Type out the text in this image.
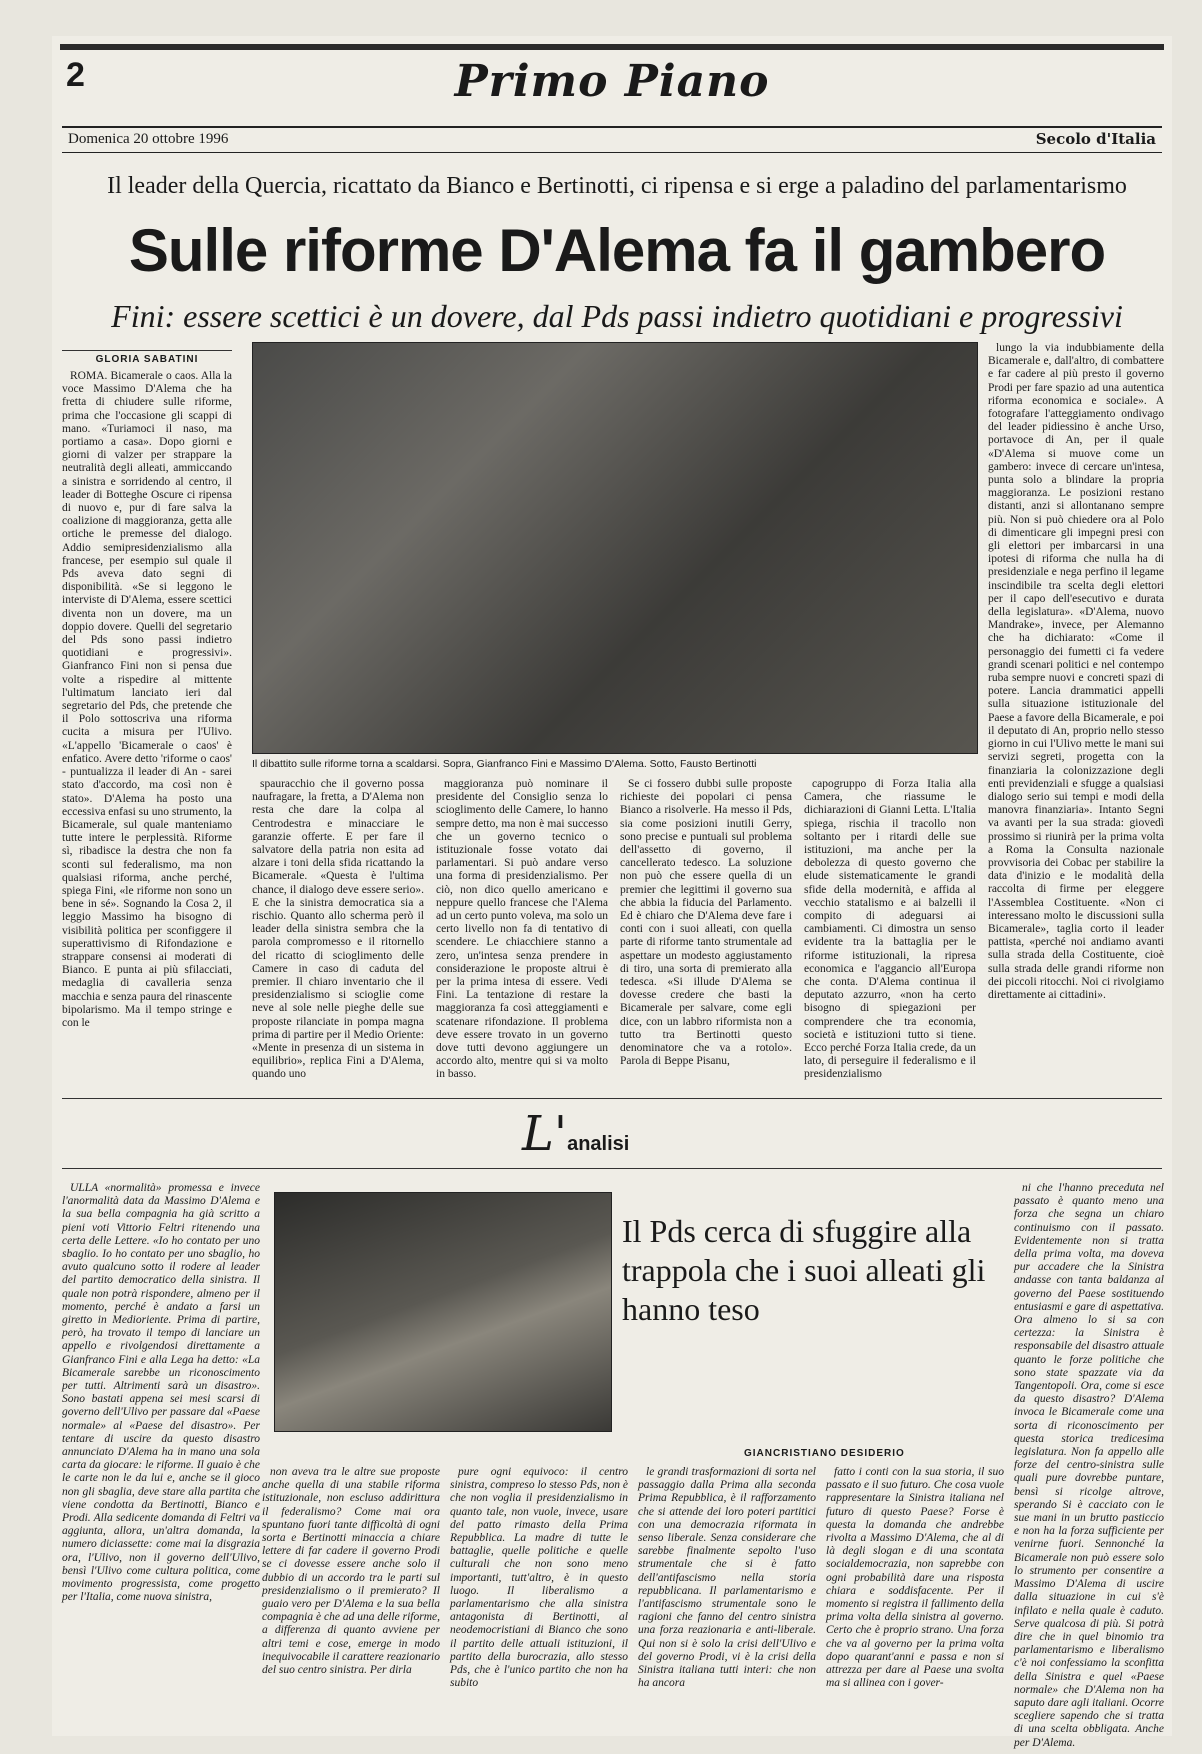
2	Primo Piano
Domenica 20 ottobre 1996	Secolo d'Italia
Il leader della Quercia, ricattato da Bianco e Bertinotti, ci ripensa e si erge a paladino del parlamentarismo
Sulle riforme D'Alema fa il gambero
Fini: essere scettici è un dovere, dal Pds passi indietro quotidiani e progressivi
GLORIA SABATINI

ROMA. Bicamerale o caos. Alla la voce Massimo D'Alema che ha fretta di chiudere sulle riforme, prima che l'occasione gli scappi di mano. «Turiamoci il naso, ma portiamo a casa». Dopo giorni e giorni di valzer per strappare la neutralità degli alleati, ammiccando a sinistra e sorridendo al centro, il leader di Botteghe Oscure ci ripensa di nuovo e, pur di fare salva la coalizione di maggioranza, getta alle ortiche le premesse del dialogo. Addio semipresidenzialismo alla francese, per esempio sul quale il Pds aveva dato segni di disponibilità. «Se si leggono le interviste di D'Alema, essere scettici diventa non un dovere, ma un doppio dovere. Quelli del segretario del Pds sono passi indietro quotidiani e progressivi». Gianfranco Fini non si pensa due volte a rispedire al mittente l'ultimatum lanciato ieri dal segretario del Pds, che pretende che il Polo sottoscriva una riforma cucita a misura per l'Ulivo. «L'appello 'Bicamerale o caos' è enfatico. Avere detto 'riforme o caos' - puntualizza il leader di An - sarei stato d'accordo, ma così non è stato». D'Alema ha posto una eccessiva enfasi su uno strumento, la Bicamerale, sul quale manteniamo tutte intere le perplessità. Riforme sì, ribadisce la destra che non fa sconti sul federalismo, ma non qualsiasi riforma, anche perché, spiega Fini, «le riforme non sono un bene in sé». Sognando la Cosa 2, il leggio Massimo ha bisogno di visibilità politica per sconfiggere il superattivismo di Rifondazione e strappare consensi ai moderati di Bianco. E punta ai più sfilacciati, medaglia di cavalleria senza macchia e senza paura del rinascente bipolarismo. Ma il tempo stringe e con le

Il dibattito sulle riforme torna a scaldarsi. Sopra, Gianfranco Fini e Massimo D'Alema. Sotto, Fausto Bertinotti

spauracchio che il governo possa naufragare, la fretta, a D'Alema non resta che dare la colpa al Centrodestra e minacciare le garanzie offerte. E per fare il salvatore della patria non esita ad alzare i toni della sfida ricattando la Bicamerale. «Questa è l'ultima chance, il dialogo deve essere serio». E che la sinistra democratica sia a rischio. Quanto allo scherma però il leader della sinistra sembra che la parola compromesso e il ritornello del ricatto di scioglimento delle Camere in caso di caduta del premier. Il chiaro inventario che il presidenzialismo si scioglie come neve al sole nelle pieghe delle sue proposte rilanciate in pompa magna prima di partire per il Medio Oriente: «Mente in presenza di un sistema in equilibrio», replica Fini a D'Alema, quando uno

maggioranza può nominare il presidente del Consiglio senza lo scioglimento delle Camere, lo hanno sempre detto, ma non è mai successo che un governo tecnico o istituzionale fosse votato dai parlamentari. Si può andare verso una forma di presidenzialismo. Per ciò, non dico quello americano e neppure quello francese che l'Alema ad un certo punto voleva, ma solo un certo livello non fa di tentativo di scendere. Le chiacchiere stanno a zero, un'intesa senza prendere in considerazione le proposte altrui è per la prima intesa di essere. Vedi Fini. La tentazione di restare la maggioranza fa così atteggiamenti e scatenare rifondazione. Il problema deve essere trovato in un governo dove tutti devono aggiungere un accordo alto, mentre qui si va molto in basso.

Se ci fossero dubbi sulle proposte richieste dei popolari ci pensa Bianco a risolverle. Ha messo il Pds, sia come posizioni inutili Gerry, sono precise e puntuali sul problema dell'assetto di governo, il cancellerato tedesco. La soluzione non può che essere quella di un premier che legittimi il governo sua che abbia la fiducia del Parlamento. Ed è chiaro che D'Alema deve fare i conti con i suoi alleati, con quella parte di riforme tanto strumentale ad aspettare un modesto aggiustamento di tiro, una sorta di premierato alla tedesca. «Si illude D'Alema se dovesse credere che basti la Bicamerale per salvare, come egli dice, con un labbro riformista non a tutto tra Bertinotti questo denominatore che va a rotolo». Parola di Beppe Pisanu,

capogruppo di Forza Italia alla Camera, che riassume le dichiarazioni di Gianni Letta. L'Italia spiega, rischia il tracollo non soltanto per i ritardi delle sue istituzioni, ma anche per la debolezza di questo governo che elude sistematicamente le grandi sfide della modernità, e affida al vecchio statalismo e ai balzelli il compito di adeguarsi ai cambiamenti. Ci dimostra un senso evidente tra la battaglia per le riforme istituzionali, la ripresa economica e l'aggancio all'Europa che conta. D'Alema continua il deputato azzurro, «non ha certo bisogno di spiegazioni per comprendere che tra economia, società e istituzioni tutto si tiene. Ecco perché Forza Italia crede, da un lato, di perseguire il federalismo e il presidenzialismo

lungo la via indubbiamente della Bicamerale e, dall'altro, di combattere e far cadere al più presto il governo Prodi per fare spazio ad una autentica riforma economica e sociale». A fotografare l'atteggiamento ondivago del leader pidiessino è anche Urso, portavoce di An, per il quale «D'Alema si muove come un gambero: invece di cercare un'intesa, punta solo a blindare la propria maggioranza. Le posizioni restano distanti, anzi si allontanano sempre più. Non si può chiedere ora al Polo di dimenticare gli impegni presi con gli elettori per imbarcarsi in una ipotesi di riforma che nulla ha di presidenziale e nega perfino il legame inscindibile tra scelta degli elettori per il capo dell'esecutivo e durata della legislatura». «D'Alema, nuovo Mandrake», invece, per Alemanno che ha dichiarato: «Come il personaggio dei fumetti ci fa vedere grandi scenari politici e nel contempo ruba sempre nuovi e concreti spazi di potere. Lancia drammatici appelli sulla situazione istituzionale del Paese a favore della Bicamerale, e poi il deputato di An, proprio nello stesso giorno in cui l'Ulivo mette le mani sui servizi segreti, progetta con la finanziaria la colonizzazione degli enti previdenziali e sfugge a qualsiasi dialogo serio sui tempi e modi della manovra finanziaria». Intanto Segni va avanti per la sua strada: giovedì prossimo si riunirà per la prima volta a Roma la Consulta nazionale provvisoria dei Cobac per stabilire la data d'inizio e le modalità della raccolta di firme per eleggere l'Assemblea Costituente. «Non ci interessano molto le discussioni sulla Bicamerale», taglia corto il leader pattista, «perché noi andiamo avanti sulla strada della Costituente, cioè sulla strada delle grandi riforme non dei piccoli ritocchi. Noi ci rivolgiamo direttamente ai cittadini».

L'analisi

ULLA «normalità» promessa e invece l'anormalità data da Massimo D'Alema e la sua bella compagnia ha già scritto a pieni voti Vittorio Feltri ritenendo una certa delle Lettere. «Io ho contato per uno sbaglio. Io ho contato per uno sbaglio, ho avuto qualcuno sotto il rodere al leader del partito democratico della sinistra. Il quale non potrà rispondere, almeno per il momento, perché è andato a farsi un giretto in Medioriente. Prima di partire, però, ha trovato il tempo di lanciare un appello e rivolgendosi direttamente a Gianfranco Fini e alla Lega ha detto: «La Bicamerale sarebbe un riconoscimento per tutti. Altrimenti sarà un disastro». Sono bastati appena sei mesi scarsi di governo dell'Ulivo per passare dal «Paese normale» al «Paese del disastro». Per tentare di uscire da questo disastro annunciato D'Alema ha in mano una sola carta da giocare: le riforme. Il guaio è che le carte non le da lui e, anche se il gioco non gli sbaglia, deve stare alla partita che viene condotta da Bertinotti, Bianco e Prodi. Alla sedicente domanda di Feltri va aggiunta, allora, un'altra domanda, la numero diciassette: come mai la disgrazia ora, l'Ulivo, non il governo dell'Ulivo, bensì l'Ulivo come cultura politica, come movimento progressista, come progetto per l'Italia, come nuova sinistra,

Il Pds cerca di sfuggire alla trappola che i suoi alleati gli hanno teso
GIANCRISTIANO DESIDERIO

non aveva tra le altre sue proposte anche quella di una stabile riforma istituzionale, non escluso addirittura il federalismo? Come mai ora spuntano fuori tante difficoltà di ogni sorta e Bertinotti minaccia a chiare lettere di far cadere il governo Prodi se ci dovesse essere anche solo il dubbio di un accordo tra le parti sul presidenzialismo o il premierato? Il guaio vero per D'Alema e la sua bella compagnia è che ad una delle riforme, a differenza di quanto avviene per altri temi e cose, emerge in modo inequivocabile il carattere reazionario del suo centro sinistra. Per dirla

pure ogni equivoco: il centro sinistra, compreso lo stesso Pds, non è che non voglia il presidenzialismo in quanto tale, non vuole, invece, usare del patto rimasto della Prima Repubblica. La madre di tutte le battaglie, quelle politiche e quelle culturali che non sono meno importanti, tutt'altro, è in questo luogo. Il liberalismo a parlamentarismo che alla sinistra antagonista di Bertinotti, al neodemocristiani di Bianco che sono il partito delle attuali istituzioni, il partito della burocrazia, allo stesso Pds, che è l'unico partito che non ha subito

le grandi trasformazioni di sorta nel passaggio dalla Prima alla seconda Prima Repubblica, è il rafforzamento che si attende dei loro poteri partitici con una democrazia riformata in senso liberale. Senza considerare che sarebbe finalmente sepolto l'uso strumentale che si è fatto dell'antifascismo nella storia repubblicana. Il parlamentarismo e l'antifascismo strumentale sono le ragioni che fanno del centro sinistra una forza reazionaria e anti-liberale. Qui non si è solo la crisi dell'Ulivo e del governo Prodi, vi è la crisi della Sinistra italiana tutti interi: che non ha ancora

fatto i conti con la sua storia, il suo passato e il suo futuro. Che cosa vuole rappresentare la Sinistra italiana nel futuro di questo Paese? Forse è questa la domanda che andrebbe rivolta a Massimo D'Alema, che al di là degli slogan e di una scontata socialdemocrazia, non saprebbe con ogni probabilità dare una risposta chiara e soddisfacente. Per il momento si registra il fallimento della prima volta della sinistra al governo. Certo che è proprio strano. Una forza che va al governo per la prima volta dopo quarant'anni e passa e non si attrezza per dare al Paese una svolta ma si allinea con i gover-

ni che l'hanno preceduta nel passato è quanto meno una forza che segna un chiaro continuismo con il passato. Evidentemente non si tratta della prima volta, ma doveva pur accadere che la Sinistra andasse con tanta baldanza al governo del Paese sostituendo entusiasmi e gare di aspettativa. Ora almeno lo si sa con certezza: la Sinistra è responsabile del disastro attuale quanto le forze politiche che sono state spazzate via da Tangentopoli. Ora, come si esce da questo disastro? D'Alema invoca le Bicamerale come una sorta di riconoscimento per questa storica tredicesima legislatura. Non fa appello alle forze del centro-sinistra sulle quali pure dovrebbe puntare, bensì si ricolge altrove, sperando Si è cacciato con le sue mani in un brutto pasticcio e non ha la forza sufficiente per venirne fuori. Sennonché la Bicamerale non può essere solo lo strumento per consentire a Massimo D'Alema di uscire dalla situazione in cui s'è infilato e nella quale è caduto. Serve qualcosa di più. Si potrà dire che in quel binomio tra parlamentarismo e liberalismo c'è noi confessiamo la sconfitta della Sinistra e quel «Paese normale» che D'Alema non ha saputo dare agli italiani. Ocorre scegliere sapendo che si tratta di una scelta obbligata. Anche per D'Alema.
